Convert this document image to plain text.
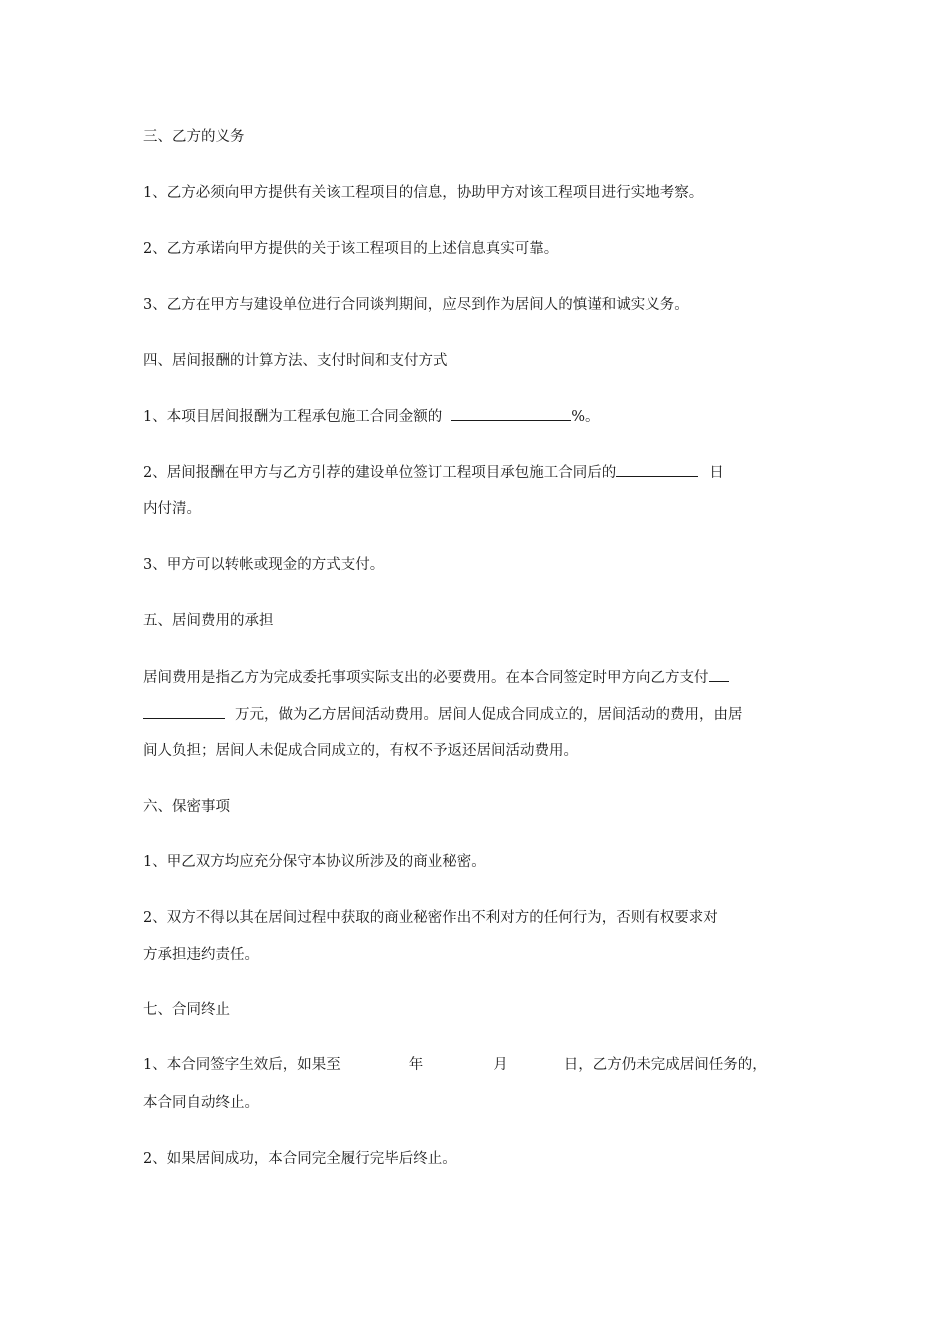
三、乙方的义务
1、乙方必须向甲方提供有关该工程项目的信息，协助甲方对该工程项目进行实地考察。
2、乙方承诺向甲方提供的关于该工程项目的上述信息真实可靠。
3、乙方在甲方与建设单位进行合同谈判期间，应尽到作为居间人的慎谨和诚实义务。
四、居间报酬的计算方法、支付时间和支付方式
1、本项目居间报酬为工程承包施工合同金额的	%。
2、居间报酬在甲方与乙方引荐的建设单位签订工程项目承包施工合同后的	日
内付清。
3、甲方可以转帐或现金的方式支付。
五、居间费用的承担
居间费用是指乙方为完成委托事项实际支出的必要费用。在本合同签定时甲方向乙方支付
万元，做为乙方居间活动费用。居间人促成合同成立的，居间活动的费用，由居
间人负担；居间人未促成合同成立的，有权不予返还居间活动费用。
六、保密事项
1、甲乙双方均应充分保守本协议所涉及的商业秘密。
2、双方不得以其在居间过程中获取的商业秘密作出不利对方的任何行为，否则有权要求对
方承担违约责任。
七、合同终止
1、本合同签字生效后，如果至	年	月	日，乙方仍未完成居间任务的，
本合同自动终止。
2、如果居间成功，本合同完全履行完毕后终止。
